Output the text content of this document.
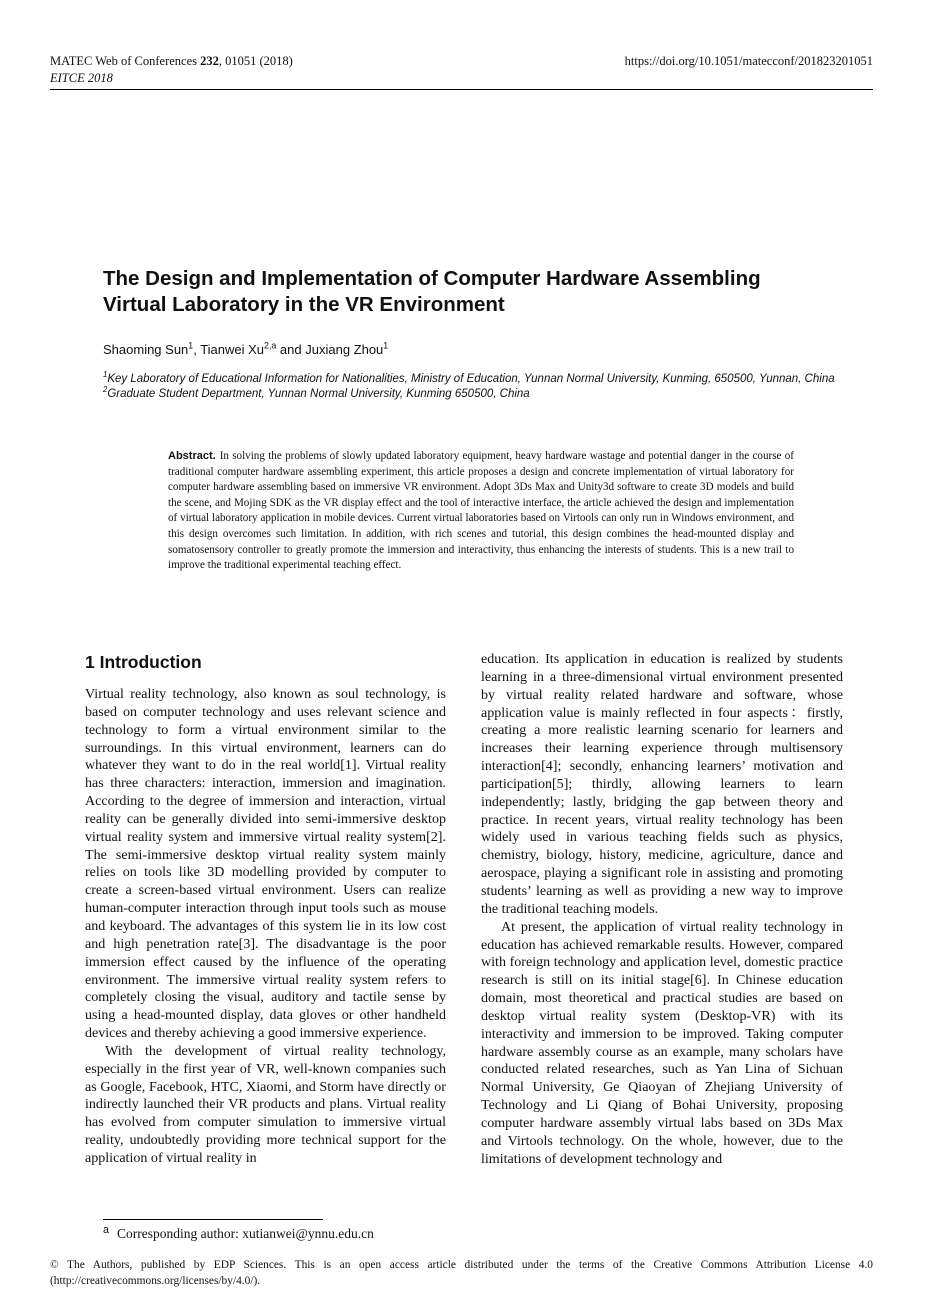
MATEC Web of Conferences 232, 01051 (2018)
EITCE 2018
https://doi.org/10.1051/matecconf/201823201051
The Design and Implementation of Computer Hardware Assembling
Virtual Laboratory in the VR Environment
Shaoming Sun$^1$, Tianwei Xu$^{2,a}$ and Juxiang Zhou$^1$
$^1$Key Laboratory of Educational Information for Nationalities, Ministry of Education, Yunnan Normal University, Kunming, 650500, Yunnan, China
$^2$Graduate Student Department, Yunnan Normal University, Kunming 650500, China
Abstract. In solving the problems of slowly updated laboratory equipment, heavy hardware wastage and potential danger in the course of traditional computer hardware assembling experiment, this article proposes a design and concrete implementation of virtual laboratory for computer hardware assembling based on immersive VR environment. Adopt 3Ds Max and Unity3d software to create 3D models and build the scene, and Mojing SDK as the VR display effect and the tool of interactive interface, the article achieved the design and implementation of virtual laboratory application in mobile devices. Current virtual laboratories based on Virtools can only run in Windows environment, and this design overcomes such limitation. In addition, with rich scenes and tutorial, this design combines the head-mounted display and somatosensory controller to greatly promote the immersion and interactivity, thus enhancing the interests of students. This is a new trail to improve the traditional experimental teaching effect.
1 Introduction

Virtual reality technology, also known as soul technology, is based on computer technology and uses relevant science and technology to form a virtual environment similar to the surroundings. In this virtual environment, learners can do whatever they want to do in the real world[1]. Virtual reality has three characters: interaction, immersion and imagination. According to the degree of immersion and interaction, virtual reality can be generally divided into semi-immersive desktop virtual reality system and immersive virtual reality system[2]. The semi-immersive desktop virtual reality system mainly relies on tools like 3D modelling provided by computer to create a screen-based virtual environment. Users can realize human-computer interaction through input tools such as mouse and keyboard. The advantages of this system lie in its low cost and high penetration rate[3]. The disadvantage is the poor immersion effect caused by the influence of the operating environment. The immersive virtual reality system refers to completely closing the visual, auditory and tactile sense by using a head-mounted display, data gloves or other handheld devices and thereby achieving a good immersive experience.

With the development of virtual reality technology, especially in the first year of VR, well-known companies such as Google, Facebook, HTC, Xiaomi, and Storm have directly or indirectly launched their VR products and plans. Virtual reality has evolved from computer simulation to immersive virtual reality, undoubtedly providing more technical support for the application of virtual reality in

education. Its application in education is realized by students learning in a three-dimensional virtual environment presented by virtual reality related hardware and software, whose application value is mainly reflected in four aspects：firstly, creating a more realistic learning scenario for learners and increases their learning experience through multisensory interaction[4]; secondly, enhancing learners’ motivation and participation[5]; thirdly, allowing learners to learn independently; lastly, bridging the gap between theory and practice. In recent years, virtual reality technology has been widely used in various teaching fields such as physics, chemistry, biology, history, medicine, agriculture, dance and aerospace, playing a significant role in assisting and promoting students’ learning as well as providing a new way to improve the traditional teaching models.

At present, the application of virtual reality technology in education has achieved remarkable results. However, compared with foreign technology and application level, domestic practice research is still on its initial stage[6]. In Chinese education domain, most theoretical and practical studies are based on desktop virtual reality system (Desktop-VR) with its interactivity and immersion to be improved. Taking computer hardware assembly course as an example, many scholars have conducted related researches, such as Yan Lina of Sichuan Normal University, Ge Qiaoyan of Zhejiang University of Technology and Li Qiang of Bohai University, proposing computer hardware assembly virtual labs based on 3Ds Max and Virtools technology. On the whole, however, due to the limitations of development technology and

$^a$ Corresponding author: xutianwei@ynnu.edu.cn
© The Authors, published by EDP Sciences. This is an open access article distributed under the terms of the Creative Commons Attribution License 4.0 (http://creativecommons.org/licenses/by/4.0/).
